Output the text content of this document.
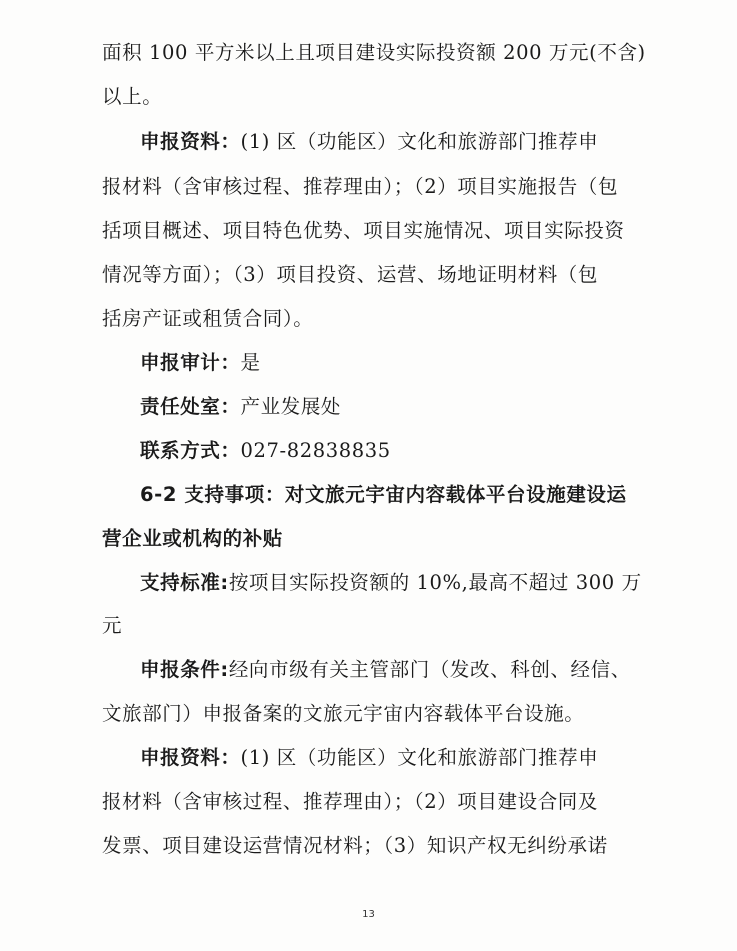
面积 100 平方米以上且项目建设实际投资额 200 万元(不含)
以上。
申报资料：(1) 区（功能区）文化和旅游部门推荐申
报材料（含审核过程、推荐理由）；（2）项目实施报告（包
括项目概述、项目特色优势、项目实施情况、项目实际投资
情况等方面）；（3）项目投资、运营、场地证明材料（包
括房产证或租赁合同）。
申报审计：是
责任处室：产业发展处
联系方式：027-82838835
6-2 支持事项：对文旅元宇宙内容载体平台设施建设运
营企业或机构的补贴
支持标准:按项目实际投资额的 10%,最高不超过 300 万
元
申报条件:经向市级有关主管部门（发改、科创、经信、
文旅部门）申报备案的文旅元宇宙内容载体平台设施。
申报资料：(1) 区（功能区）文化和旅游部门推荐申
报材料（含审核过程、推荐理由）；（2）项目建设合同及
发票、项目建设运营情况材料；（3）知识产权无纠纷承诺
13
